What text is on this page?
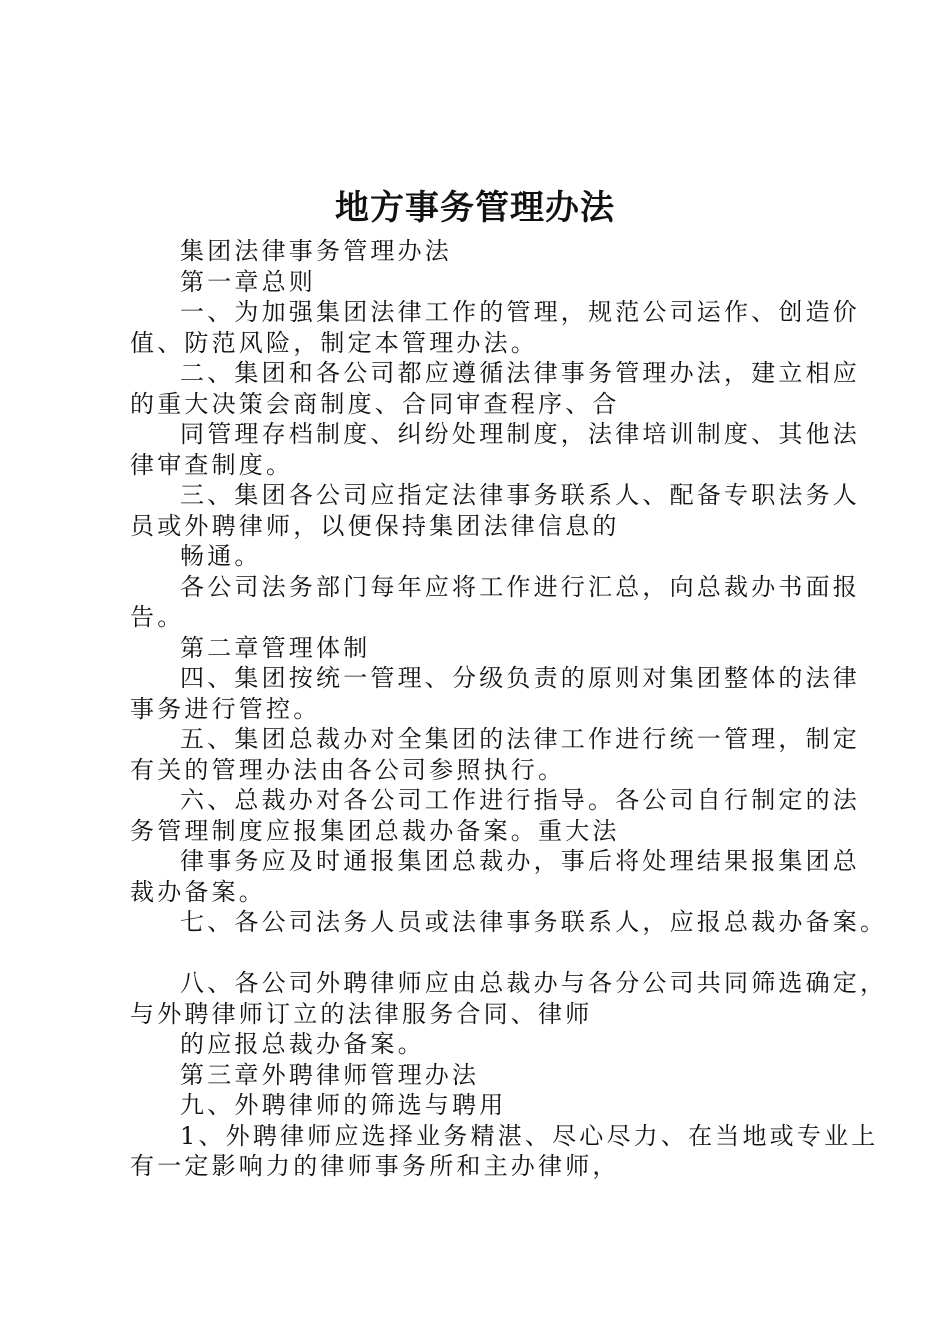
地方事务管理办法

集团法律事务管理办法

第一章总则

一、为加强集团法律工作的管理，规范公司运作、创造价

值、防范风险，制定本管理办法。

二、集团和各公司都应遵循法律事务管理办法，建立相应

的重大决策会商制度、合同审查程序、合

同管理存档制度、纠纷处理制度，法律培训制度、其他法

律审查制度。

三、集团各公司应指定法律事务联系人、配备专职法务人

员或外聘律师，以便保持集团法律信息的

畅通。

各公司法务部门每年应将工作进行汇总，向总裁办书面报

告。

第二章管理体制

四、集团按统一管理、分级负责的原则对集团整体的法律

事务进行管控。

五、集团总裁办对全集团的法律工作进行统一管理，制定

有关的管理办法由各公司参照执行。

六、总裁办对各公司工作进行指导。各公司自行制定的法

务管理制度应报集团总裁办备案。重大法

律事务应及时通报集团总裁办，事后将处理结果报集团总

裁办备案。

七、各公司法务人员或法律事务联系人，应报总裁办备案。

八、各公司外聘律师应由总裁办与各分公司共同筛选确定，

与外聘律师订立的法律服务合同、律师

的应报总裁办备案。

第三章外聘律师管理办法

九、外聘律师的筛选与聘用

1、外聘律师应选择业务精湛、尽心尽力、在当地或专业上

有一定影响力的律师事务所和主办律师，
